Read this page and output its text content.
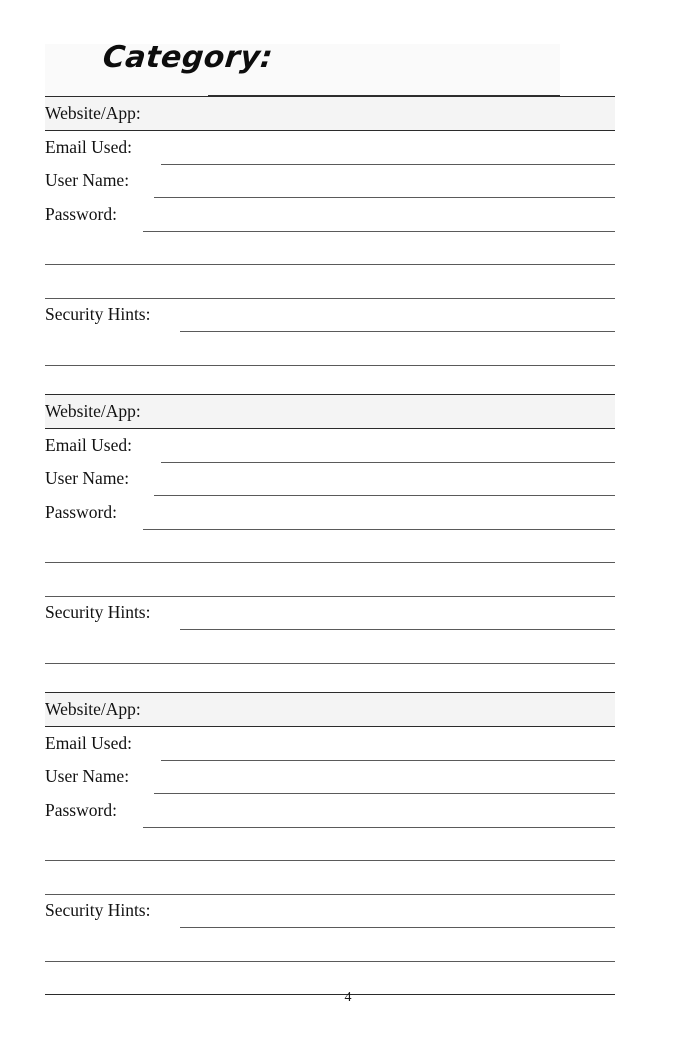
Category:
Website/App:
Email Used:
User Name:
Password:
Security Hints:
Website/App:
Email Used:
User Name:
Password:
Security Hints:
Website/App:
Email Used:
User Name:
Password:
Security Hints:
4
